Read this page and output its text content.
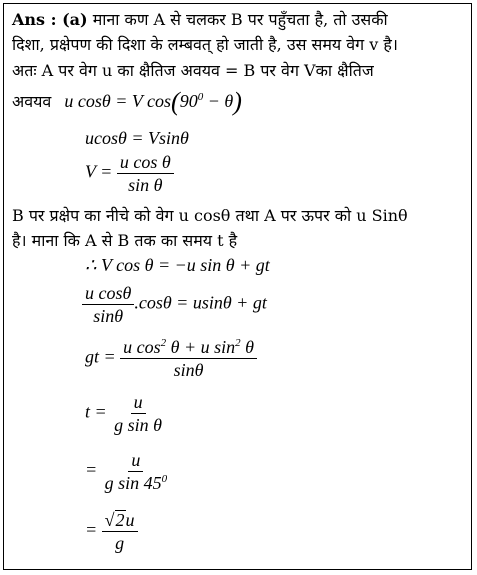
Ans : (a) माना कण A से चलकर B पर पहुँचता है, तो उसकी
दिशा, प्रक्षेपण की दिशा के लम्बवत् हो जाती है, उस समय वेग v है।
अतः A पर वेग u का क्षैतिज अवयव = B पर वेग Vका क्षैतिज
अवयव u cosθ = V $\cos(90^0 - \theta)$
ucosθ = Vsinθ
$V = \frac{\text{u cos θ}}{\text{sin θ}}$
B पर प्रक्षेप का नीचे को वेग u cosθ तथा A पर ऊपर को u Sinθ
है। माना कि A से B तक का समय t है
∴ V cos θ = −u sin θ + gt
$\frac{\text{u cosθ}}{\sin\theta} .\cos\theta = usin\theta$ + gt
gt = $\frac{u \cos^2 \theta + u \sin^2 \theta}{\sin\theta}$
$t = \frac{u}{\text{g sin θ}}$
= $\frac{u}{g \sin 45^0}$
= $\frac{√ 2 u}{g}$
